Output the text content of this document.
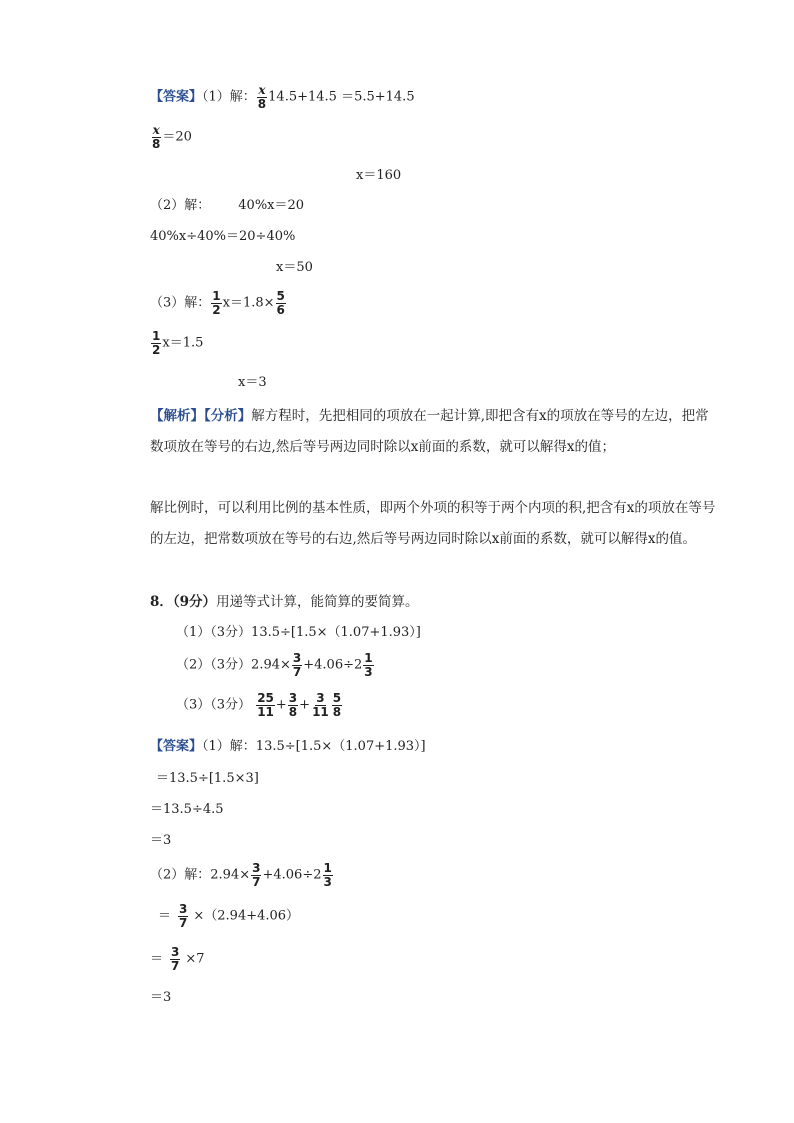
【答案】（1）解： $\frac{x}{8} 14.5+14.5 =5.5+14.5$
$\frac{x}{8} =20$
x＝160
（2）解： 40%x＝20
40%x÷40%＝20÷40%
x＝50
（3）解： $\frac{1}{2} x=1.8\times \frac{5}{6}$
$\frac{1}{2} x=1.5$
x＝3
【解析】【分析】解方程时，先把相同的项放在一起计算,即把含有x的项放在等号的左边，把常数项放在等号的右边,然后等号两边同时除以x前面的系数，就可以解得x的值；
解比例时，可以利用比例的基本性质，即两个外项的积等于两个内项的积,把含有x的项放在等号的左边，把常数项放在等号的右边,然后等号两边同时除以x前面的系数，就可以解得x的值。
8．（9分）用递等式计算，能简算的要简算。
（1）（3分）13.5÷[1.5×（1.07+1.93）]
（2）（3分）$2.94\times \frac{3}{7} +4.06\div 2 \frac{1}{3}$
（3）（3分） $\frac{25}{11} + \frac{3}{8} + \frac{3}{11} \frac{5}{8}$
【答案】（1）解：13.5÷[1.5×（1.07+1.93）]
＝13.5÷[1.5×3]
＝13.5÷4.5
＝3
（2）解：$2.94\times \frac{3}{7} +4.06\div 2 \frac{1}{3}$
＝ $\frac{3}{7} \times(2.94+4.06)$
＝ $\frac{3}{7} \times 7$
＝3
